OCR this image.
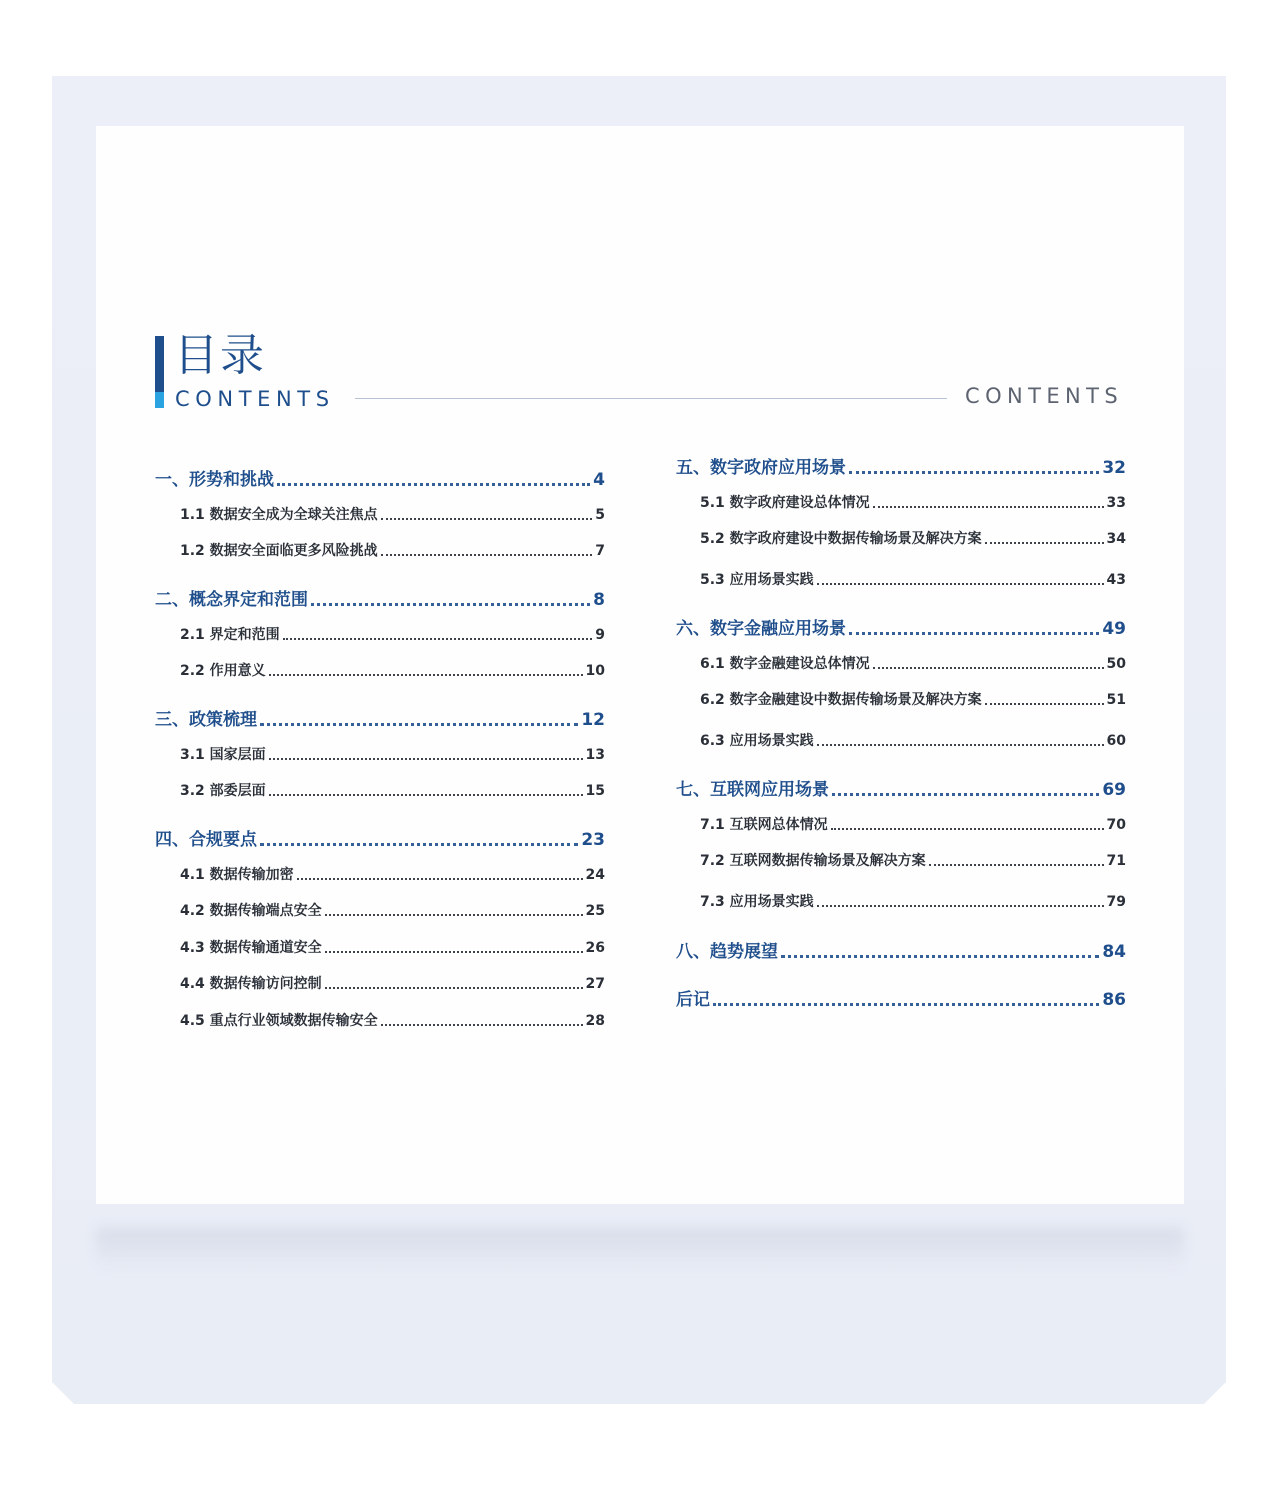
目录
CONTENTS	CONTENTS
一、形势和挑战	4
1.1 数据安全成为全球关注焦点	5
1.2 数据安全面临更多风险挑战	7
二、概念界定和范围	8
2.1 界定和范围	9
2.2 作用意义	10
三、政策梳理	12
3.1 国家层面	13
3.2 部委层面	15
四、合规要点	23
4.1 数据传输加密	24
4.2 数据传输端点安全	25
4.3 数据传输通道安全	26
4.4 数据传输访问控制	27
4.5 重点行业领域数据传输安全	28
五、数字政府应用场景	32
5.1 数字政府建设总体情况	33
5.2 数字政府建设中数据传输场景及解决方案	34
5.3 应用场景实践	43
六、数字金融应用场景	49
6.1 数字金融建设总体情况	50
6.2 数字金融建设中数据传输场景及解决方案	51
6.3 应用场景实践	60
七、互联网应用场景	69
7.1 互联网总体情况	70
7.2 互联网数据传输场景及解决方案	71
7.3 应用场景实践	79
八、趋势展望	84
后记	86
